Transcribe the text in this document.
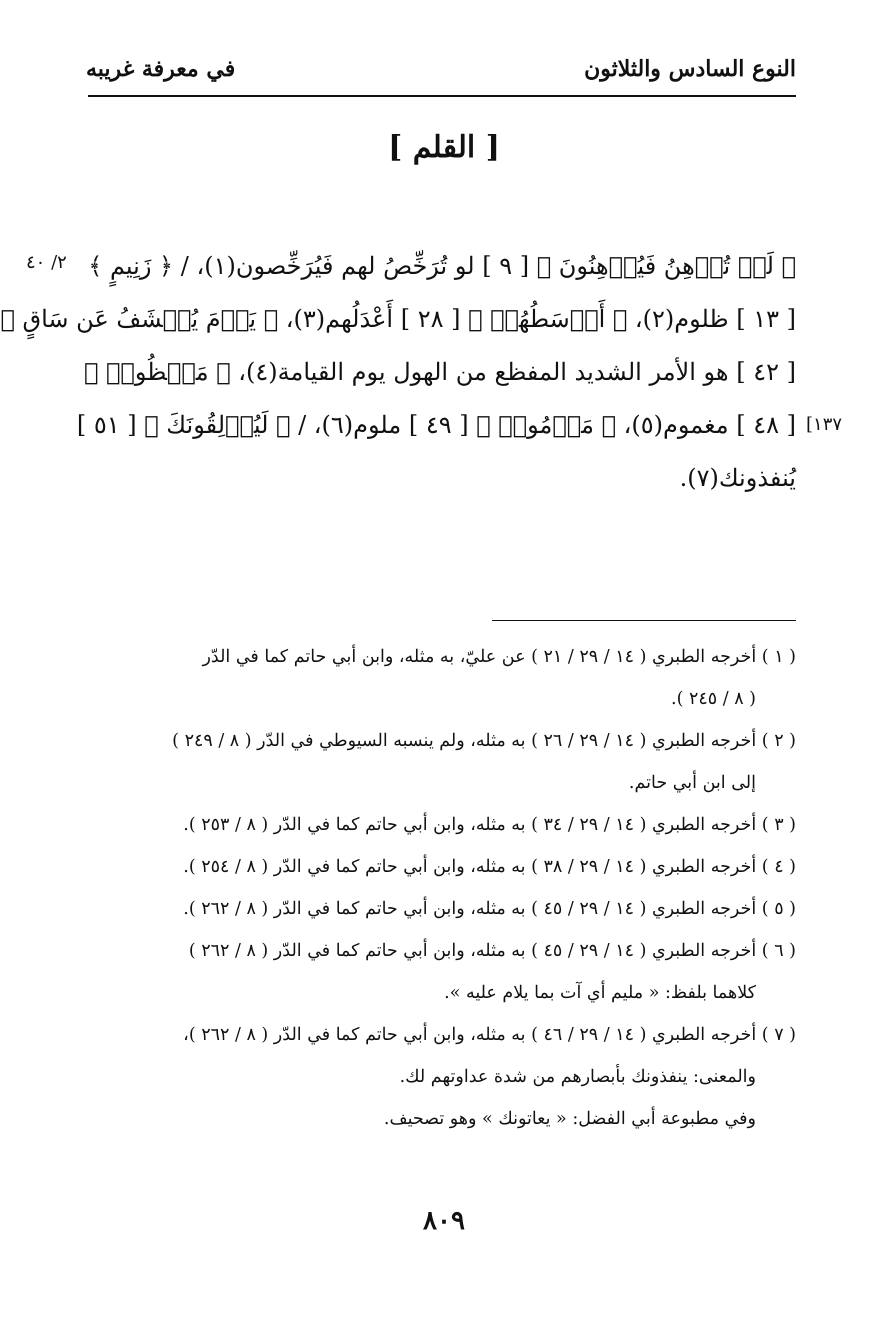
النوع السادس والثلاثون
في معرفة غريبه
[ القلم ]
٢/ ٤٠
[١٣٧
﴿ لَوۡ تُدۡهِنُ فَيُدۡهِنُونَ ﴾ [ ٩ ] لو تُرَخِّصُ لهم فَيُرَخِّصون(١)، / ﴿ زَنِيمٍ ﴾
[ ١٣ ] ظلوم(٢)، ﴿ أَوۡسَطُهُمۡ ﴾ [ ٢٨ ] أَعْدَلُهم(٣)، ﴿ يَوۡمَ يُكۡشَفُ عَن سَاقٍ ﴾
[ ٤٢ ] هو الأمر الشديد المفظع من الهول يوم القيامة(٤)، ﴿ مَكۡظُومٞ ﴾
[ ٤٨ ] مغموم(٥)، ﴿ مَذۡمُومٞ ﴾ [ ٤٩ ] ملوم(٦)، / ﴿ لَيُزۡلِقُونَكَ ﴾ [ ٥١ ]
يُنفذونك(٧).

( ١ ) أخرجه الطبري ( ١٤ / ٢٩ / ٢١ ) عن عليّ، به مثله، وابن أبي حاتم كما في الدّر
( ٨ / ٢٤٥ ).

( ٢ ) أخرجه الطبري ( ١٤ / ٢٩ / ٢٦ ) به مثله، ولم ينسبه السيوطي في الدّر ( ٨ / ٢٤٩ )
إلى ابن أبي حاتم.

( ٣ ) أخرجه الطبري ( ١٤ / ٢٩ / ٣٤ ) به مثله، وابن أبي حاتم كما في الدّر ( ٨ / ٢٥٣ ).

( ٤ ) أخرجه الطبري ( ١٤ / ٢٩ / ٣٨ ) به مثله، وابن أبي حاتم كما في الدّر ( ٨ / ٢٥٤ ).

( ٥ ) أخرجه الطبري ( ١٤ / ٢٩ / ٤٥ ) به مثله، وابن أبي حاتم كما في الدّر ( ٨ / ٢٦٢ ).

( ٦ ) أخرجه الطبري ( ١٤ / ٢٩ / ٤٥ ) به مثله، وابن أبي حاتم كما في الدّر ( ٨ / ٢٦٢ )
كلاهما بلفظ: « مليم أي آت بما يلام عليه ».

( ٧ ) أخرجه الطبري ( ١٤ / ٢٩ / ٤٦ ) به مثله، وابن أبي حاتم كما في الدّر ( ٨ / ٢٦٢ )،
والمعنى: ينفذونك بأبصارهم من شدة عداوتهم لك.
وفي مطبوعة أبي الفضل: « يعاتونك » وهو تصحيف.

٨٠٩
